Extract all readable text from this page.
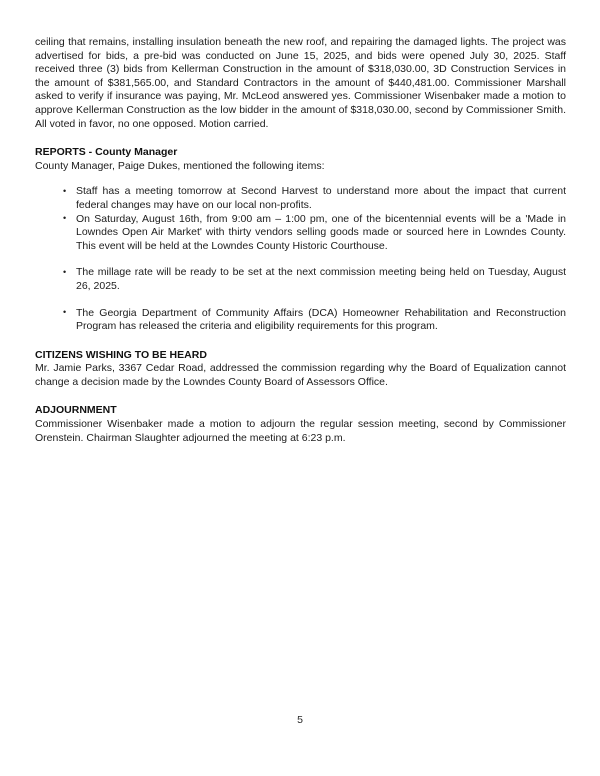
ceiling that remains, installing insulation beneath the new roof, and repairing the damaged lights. The project was advertised for bids, a pre-bid was conducted on June 15, 2025, and bids were opened July 30, 2025. Staff received three (3) bids from Kellerman Construction in the amount of $318,030.00, 3D Construction Services in the amount of $381,565.00, and Standard Contractors in the amount of $440,481.00. Commissioner Marshall asked to verify if insurance was paying, Mr. McLeod answered yes. Commissioner Wisenbaker made a motion to approve Kellerman Construction as the low bidder in the amount of $318,030.00, second by Commissioner Smith. All voted in favor, no one opposed. Motion carried.

REPORTS - County Manager

County Manager, Paige Dukes, mentioned the following items:

• Staff has a meeting tomorrow at Second Harvest to understand more about the impact that current federal changes may have on our local non-profits.
• On Saturday, August 16th, from 9:00 am – 1:00 pm, one of the bicentennial events will be a 'Made in Lowndes Open Air Market' with thirty vendors selling goods made or sourced here in Lowndes County. This event will be held at the Lowndes County Historic Courthouse.
• The millage rate will be ready to be set at the next commission meeting being held on Tuesday, August 26, 2025.
• The Georgia Department of Community Affairs (DCA) Homeowner Rehabilitation and Reconstruction Program has released the criteria and eligibility requirements for this program.
CITIZENS WISHING TO BE HEARD

Mr. Jamie Parks, 3367 Cedar Road, addressed the commission regarding why the Board of Equalization cannot change a decision made by the Lowndes County Board of Assessors Office.

ADJOURNMENT

Commissioner Wisenbaker made a motion to adjourn the regular session meeting, second by Commissioner Orenstein. Chairman Slaughter adjourned the meeting at 6:23 p.m.

5
